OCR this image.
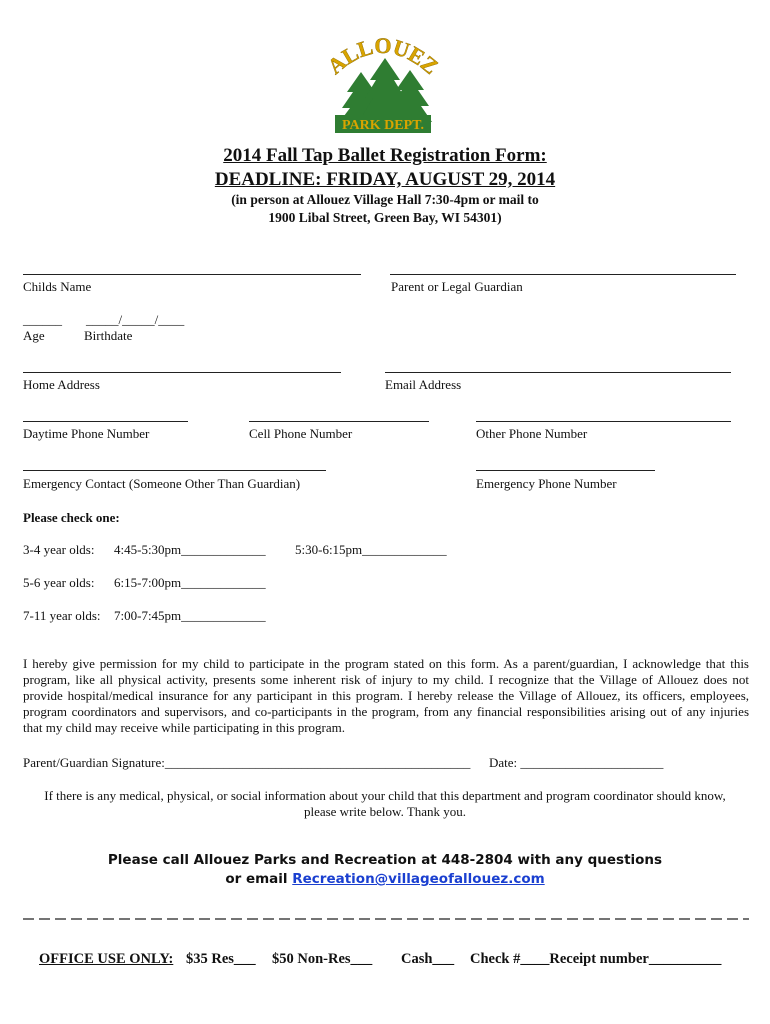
ALLOUE
PARK DEPT.
2014 Fall Tap Ballet Registration Form:
DEADLINE: FRIDAY, AUGUST 29, 2014
(in person at Allouez Village Hall 7:30-4pm or mail to
1900 Libal Street, Green Bay, WI 54301)
Childs Name	Parent or Legal Guardian
______ _____/_____/____
Age	Birthdate
Home Address	Email Address
Daytime Phone Number	Cell Phone Number	Other Phone Number
Emergency Contact (Someone Other Than Guardian)	Emergency Phone Number
Please check one:
3-4 year olds: 4:45-5:30pm_____________ 5:30-6:15pm_____________
5-6 year olds: 6:15-7:00pm_____________
7-11 year olds: 7:00-7:45pm_____________
I hereby give permission for my child to participate in the program stated on this form. As a parent/guardian, I acknowledge that this program, like all physical activity, presents some inherent risk of injury to my child. I recognize that the Village of Allouez does not provide hospital/medical insurance for any participant in this program. I hereby release the Village of Allouez, its officers, employees, program coordinators and supervisors, and co-participants in the program, from any financial responsibilities arising out of any injuries that my child may receive while participating in this program.
Parent/Guardian Signature:_______________________________________________ Date: ______________________
If there is any medical, physical, or social information about your child that this department and program coordinator should know,
please write below. Thank you.
Please call Allouez Parks and Recreation at 448-2804 with any questions
or email Recreation@villageofallouez.com
OFFICE USE ONLY: $35 Res___ $50 Non-Res___ Cash___ Check #____Receipt number__________
